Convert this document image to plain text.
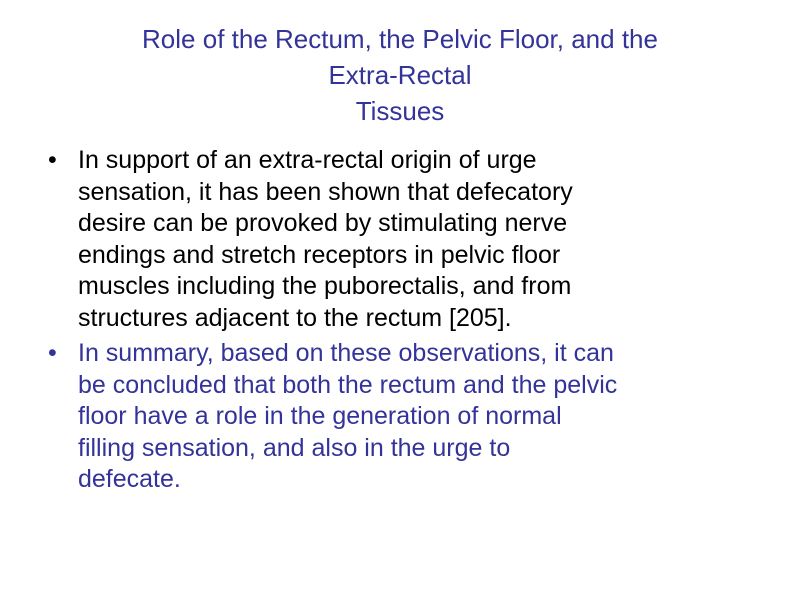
Role of the Rectum, the Pelvic Floor, and the
Extra-Rectal
Tissues
• In support of an extra-rectal origin of urge
sensation, it has been shown that defecatory
desire can be provoked by stimulating nerve
endings and stretch receptors in pelvic floor
muscles including the puborectalis, and from
structures adjacent to the rectum [205].
• In summary, based on these observations, it can
be concluded that both the rectum and the pelvic
floor have a role in the generation of normal
filling sensation, and also in the urge to
defecate.
